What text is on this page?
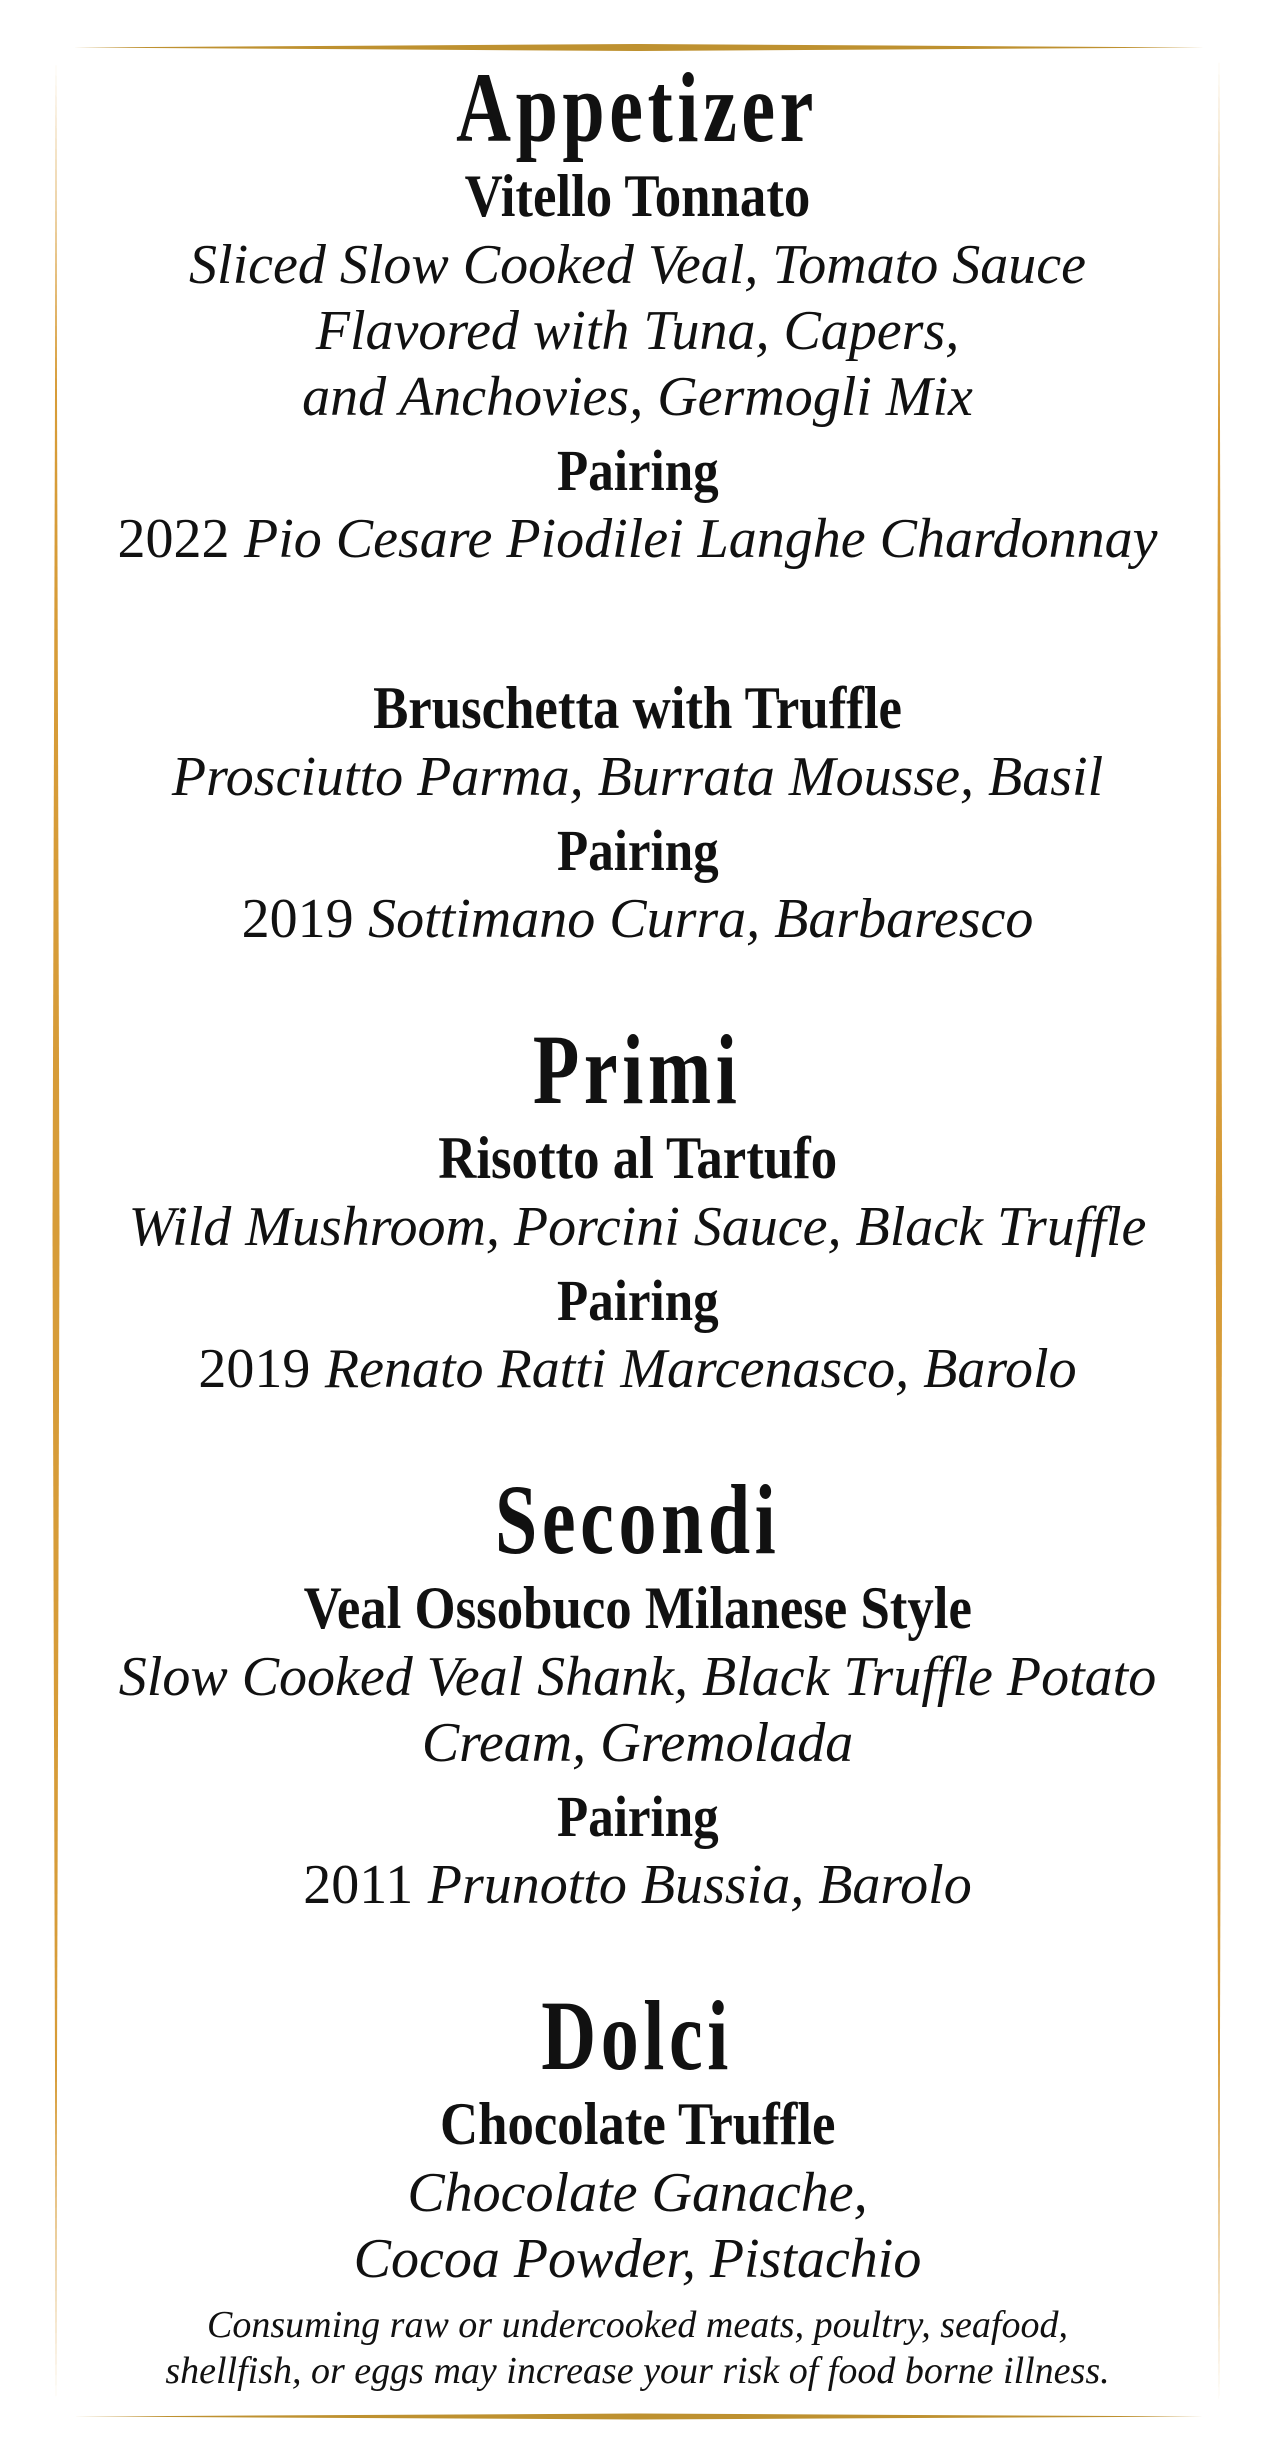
Appetizer
Vitello Tonnato
Sliced Slow Cooked Veal, Tomato Sauce
Flavored with Tuna, Capers,
and Anchovies, Germogli Mix
Pairing
2022 Pio Cesare Piodilei Langhe Chardonnay
Bruschetta with Truffle
Prosciutto Parma, Burrata Mousse, Basil
Pairing
2019 Sottimano Curra, Barbaresco
Primi
Risotto al Tartufo
Wild Mushroom, Porcini Sauce, Black Truffle
Pairing
2019 Renato Ratti Marcenasco, Barolo
Secondi
Veal Ossobuco Milanese Style
Slow Cooked Veal Shank, Black Truffle Potato
Cream, Gremolada
Pairing
2011 Prunotto Bussia, Barolo
Dolci
Chocolate Truffle
Chocolate Ganache,
Cocoa Powder, Pistachio
Consuming raw or undercooked meats, poultry, seafood,
shellfish, or eggs may increase your risk of food borne illness.
